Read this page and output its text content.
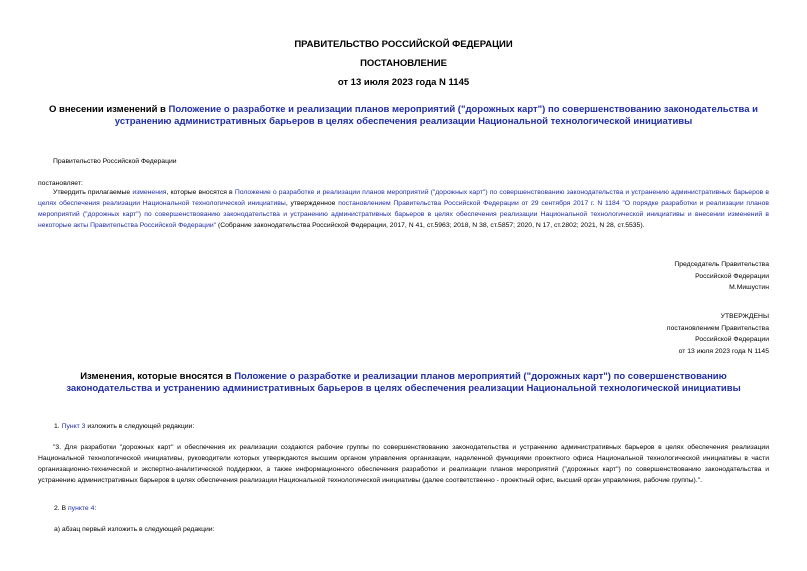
ПРАВИТЕЛЬСТВО РОССИЙСКОЙ ФЕДЕРАЦИИ
ПОСТАНОВЛЕНИЕ
от 13 июля 2023 года N 1145
О внесении изменений в Положение о разработке и реализации планов мероприятий ("дорожных карт") по совершенствованию законодательства и устранению административных барьеров в целях обеспечения реализации Национальной технологической инициативы

Правительство Российской Федерации

постановляет:

Утвердить прилагаемые изменения, которые вносятся в Положение о разработке и реализации планов мероприятий ("дорожных карт") по совершенствованию законодательства и устранению административных барьеров в целях обеспечения реализации Национальной технологической инициативы, утвержденное постановлением Правительства Российской Федерации от 29 сентября 2017 г. N 1184 "О порядке разработки и реализации планов мероприятий ("дорожных карт") по совершенствованию законодательства и устранению административных барьеров в целях обеспечения реализации Национальной технологической инициативы и внесении изменений в некоторые акты Правительства Российской Федерации" (Собрание законодательства Российской Федерации, 2017, N 41, ст.5963; 2018, N 38, ст.5857; 2020, N 17, ст.2802; 2021, N 28, ст.5535).

Председатель Правительства
Российской Федерации
М.Мишустин
УТВЕРЖДЕНЫ
постановлением Правительства
Российской Федерации
от 13 июля 2023 года N 1145
Изменения, которые вносятся в Положение о разработке и реализации планов мероприятий ("дорожных карт") по совершенствованию законодательства и устранению административных барьеров в целях обеспечения реализации Национальной технологической инициативы

1. Пункт 3 изложить в следующей редакции:

"3. Для разработки "дорожных карт" и обеспечения их реализации создаются рабочие группы по совершенствованию законодательства и устранению административных барьеров в целях обеспечения реализации Национальной технологической инициативы, руководители которых утверждаются высшим органом управления организации, наделенной функциями проектного офиса Национальной технологической инициативы в части организационно-технической и экспертно-аналитической поддержки, а также информационного обеспечения разработки и реализации планов мероприятий ("дорожных карт") по совершенствованию законодательства и устранению административных барьеров в целях обеспечения реализации Национальной технологической инициативы (далее соответственно - проектный офис, высший орган управления, рабочие группы).".

2. В пункте 4:

а) абзац первый изложить в следующей редакции:
